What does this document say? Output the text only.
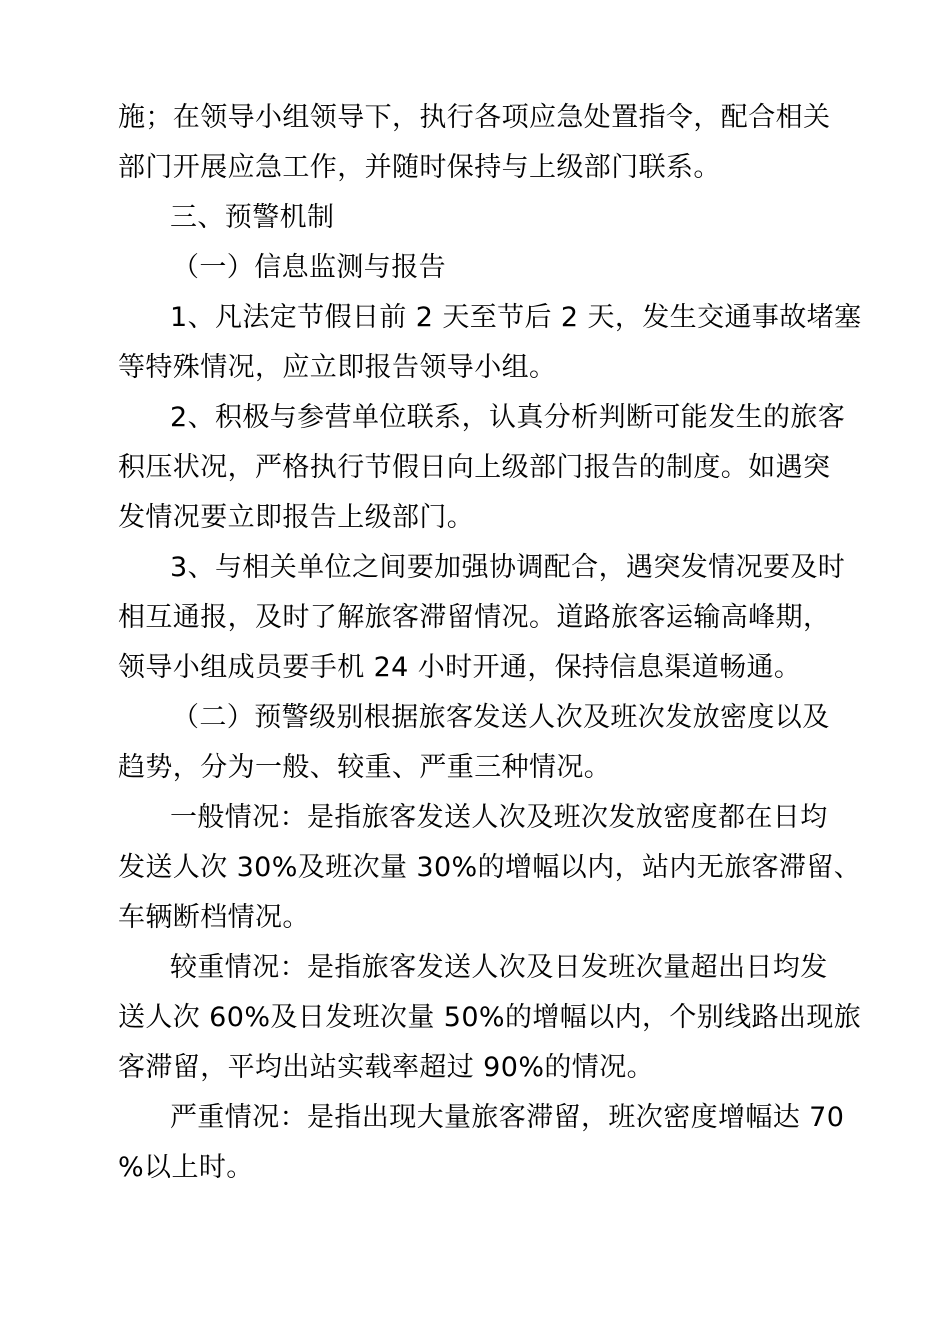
施；在领导小组领导下，执行各项应急处置指令，配合相关
部门开展应急工作，并随时保持与上级部门联系。
三、预警机制
（一）信息监测与报告
1、凡法定节假日前 2 天至节后 2 天，发生交通事故堵塞
等特殊情况，应立即报告领导小组。
2、积极与参营单位联系，认真分析判断可能发生的旅客
积压状况，严格执行节假日向上级部门报告的制度。如遇突
发情况要立即报告上级部门。
3、与相关单位之间要加强协调配合，遇突发情况要及时
相互通报，及时了解旅客滞留情况。道路旅客运输高峰期，
领导小组成员要手机 24 小时开通，保持信息渠道畅通。
（二）预警级别根据旅客发送人次及班次发放密度以及
趋势，分为一般、较重、严重三种情况。
一般情况：是指旅客发送人次及班次发放密度都在日均
发送人次 30%及班次量 30%的增幅以内，站内无旅客滞留、
车辆断档情况。
较重情况：是指旅客发送人次及日发班次量超出日均发
送人次 60%及日发班次量 50%的增幅以内，个别线路出现旅
客滞留，平均出站实载率超过 90%的情况。
严重情况：是指出现大量旅客滞留，班次密度增幅达 70
%以上时。
